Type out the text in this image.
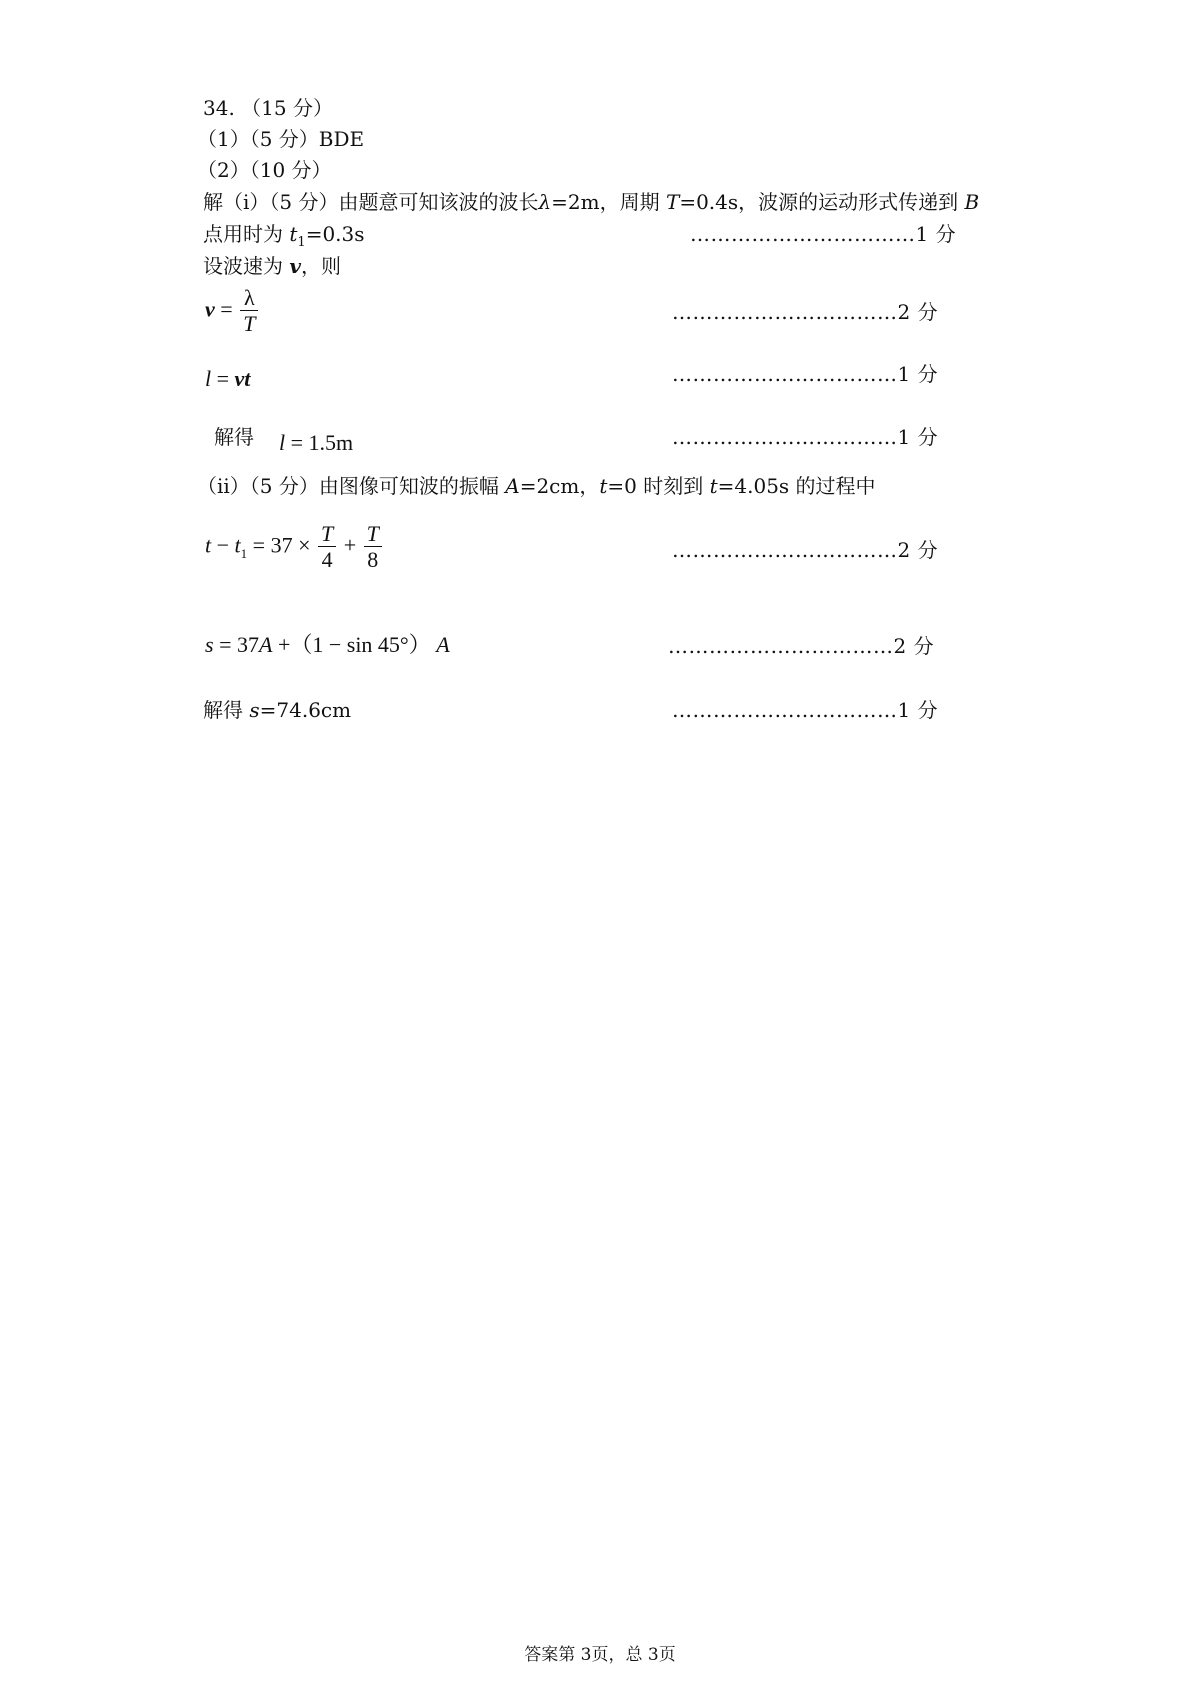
34. （15 分）
（1）（5 分）BDE
（2）（10 分）
解（i）（5 分）由题意可知该波的波长λ=2m，周期 T=0.4s，波源的运动形式传递到 B
点用时为 $t_1=0.3s$	……………………………1 分
设波速为 v，则
$v = \frac{\lambda}{T}$	……………………………2 分
l = vt	……………………………1 分
解得 l = 1.5m	……………………………1 分
（ii）（5 分）由图像可知波的振幅 A=2cm，t=0 时刻到 t=4.05s 的过程中
$t - t_1 = 37 \times \frac{T}{4} + \frac{T}{8}$	……………………………2 分
s = 37A +（1 − sin 45°） A	……………………………2 分
解得 s=74.6cm	……………………………1 分
答案第 3页，总 3页
